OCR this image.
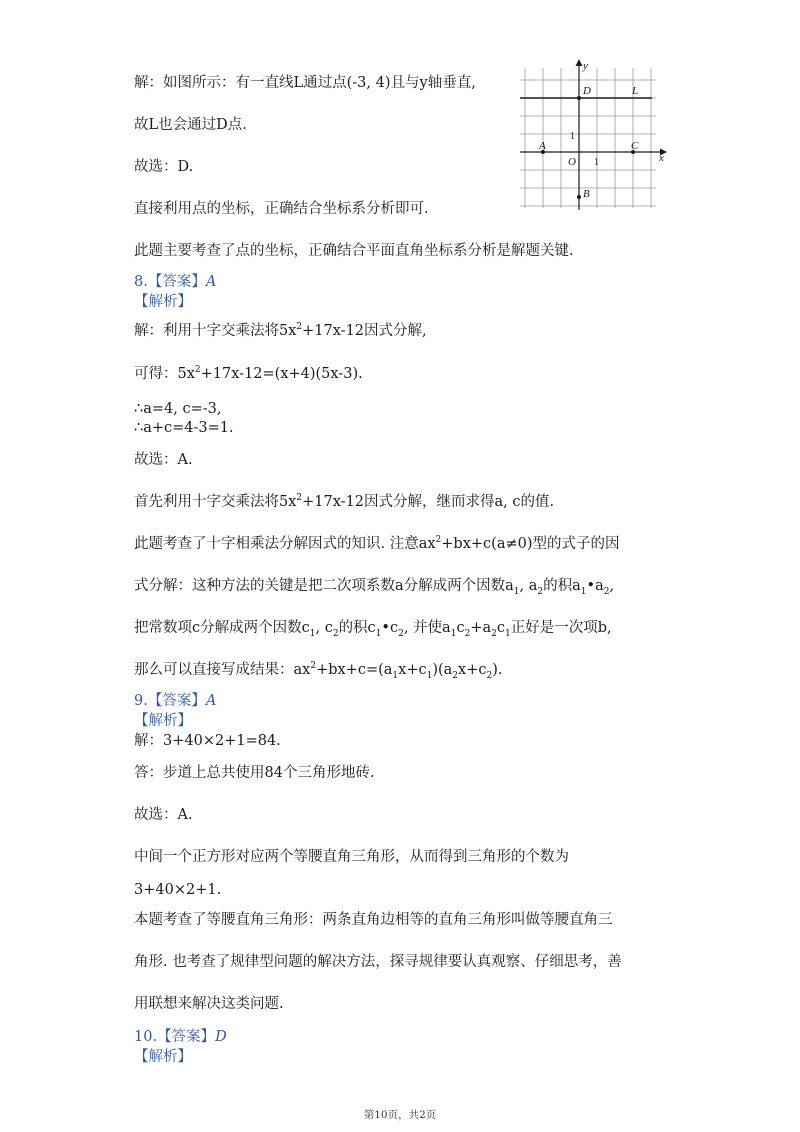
解：如图所示：有一直线L通过点(-3, 4)且与y轴垂直,
故L也会通过D点.
故选：D.
直接利用点的坐标，正确结合坐标系分析即可.
此题主要考查了点的坐标，正确结合平面直角坐标系分析是解题关键.
8.【答案】A
【解析】
解：利用十字交乘法将$5x^2+17x-12$因式分解,
可得：$5x^2+17x-12=(x+4)(5x-3)$.
∴a=4, c=-3,
∴a+c=4-3=1.
故选：A.
首先利用十字交乘法将$5x^2+17x-12$因式分解，继而求得a, c的值.
此题考查了十字相乘法分解因式的知识. 注意$ax^2+bx+c(a\ne 0)$型的式子的因
式分解：这种方法的关键是把二次项系数a分解成两个因数$a_1$, $a_2$的积$a_1•a_2$,
把常数项c分解成两个因数$c_1$, $c_2$的积$c_1•c_2$, 并使$a_1c_2+a_2c_1$正好是一次项b,
那么可以直接写成结果：$ax^2+bx+c=(a_1x+c_1)(a_2x+c_2)$.
9.【答案】A
【解析】
解：3+40×2+1=84.
答：步道上总共使用84个三角形地砖.
故选：A.
中间一个正方形对应两个等腰直角三角形，从而得到三角形的个数为
3+40×2+1.
本题考查了等腰直角三角形：两条直角边相等的直角三角形叫做等腰直角三
角形. 也考查了规律型问题的解决方法，探寻规律要认真观察、仔细思考，善
用联想来解决这类问题.
10.【答案】D
【解析】
y
x
L
D
A	C
B
O
1
1
第10页，共2页
